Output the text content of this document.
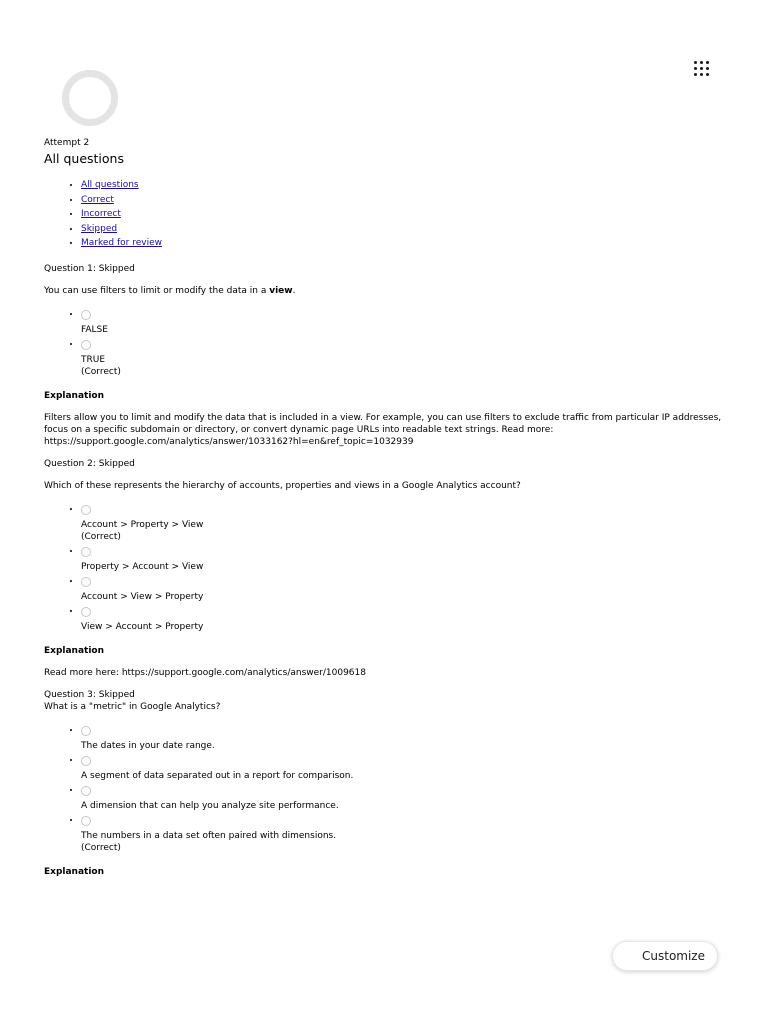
Attempt 2
All questions
• All questions
• Correct
• Incorrect
• Skipped
• Marked for review

Question 1: Skipped

You can use filters to limit or modify the data in a view.

• FALSE
• TRUE
(Correct)
Explanation

Filters allow you to limit and modify the data that is included in a view. For example, you can use filters to exclude traffic from particular IP addresses, focus on a specific subdomain or directory, or convert dynamic page URLs into readable text strings. Read more: https://support.google.com/analytics/answer/1033162?hl=en&ref_topic=1032939

Question 2: Skipped

Which of these represents the hierarchy of accounts, properties and views in a Google Analytics account?

• Account > Property > View
(Correct)
• Property > Account > View
• Account > View > Property
• View > Account > Property
Explanation

Read more here: https://support.google.com/analytics/answer/1009618

Question 3: Skipped
What is a "metric" in Google Analytics?
• The dates in your date range.
• A segment of data separated out in a report for comparison.
• A dimension that can help you analyze site performance.
• The numbers in a data set often paired with dimensions.
(Correct)
Explanation
Customize
